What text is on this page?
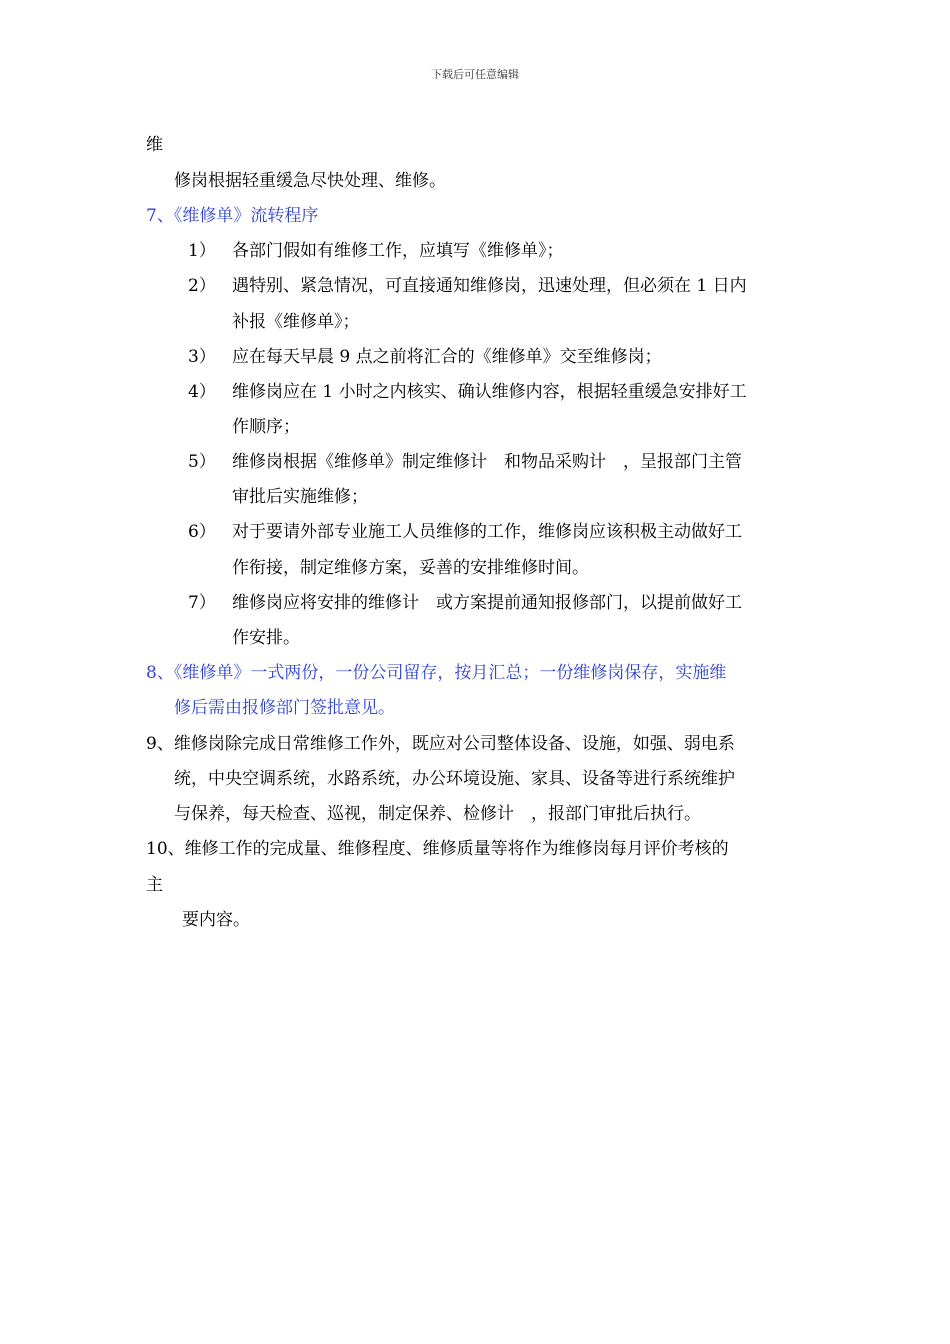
下载后可任意编辑
维
修岗根据轻重缓急尽快处理、维修。
7、《维修单》流转程序
1） 各部门假如有维修工作，应填写《维修单》；
2） 遇特别、紧急情况，可直接通知维修岗，迅速处理，但必须在 1 日内
补报《维修单》；
3） 应在每天早晨 9 点之前将汇合的《维修单》交至维修岗；
4） 维修岗应在 1 小时之内核实、确认维修内容，根据轻重缓急安排好工
作顺序；
5） 维修岗根据《维修单》制定维修计　和物品采购计　，呈报部门主管
审批后实施维修；
6） 对于要请外部专业施工人员维修的工作，维修岗应该积极主动做好工
作衔接，制定维修方案，妥善的安排维修时间。
7） 维修岗应将安排的维修计　或方案提前通知报修部门，以提前做好工
作安排。
8、《维修单》一式两份，一份公司留存，按月汇总；一份维修岗保存，实施维
修后需由报修部门签批意见。
9、维修岗除完成日常维修工作外，既应对公司整体设备、设施，如强、弱电系
统，中央空调系统，水路系统，办公环境设施、家具、设备等进行系统维护
与保养，每天检查、巡视，制定保养、检修计　，报部门审批后执行。
10、维修工作的完成量、维修程度、维修质量等将作为维修岗每月评价考核的
主
要内容。
